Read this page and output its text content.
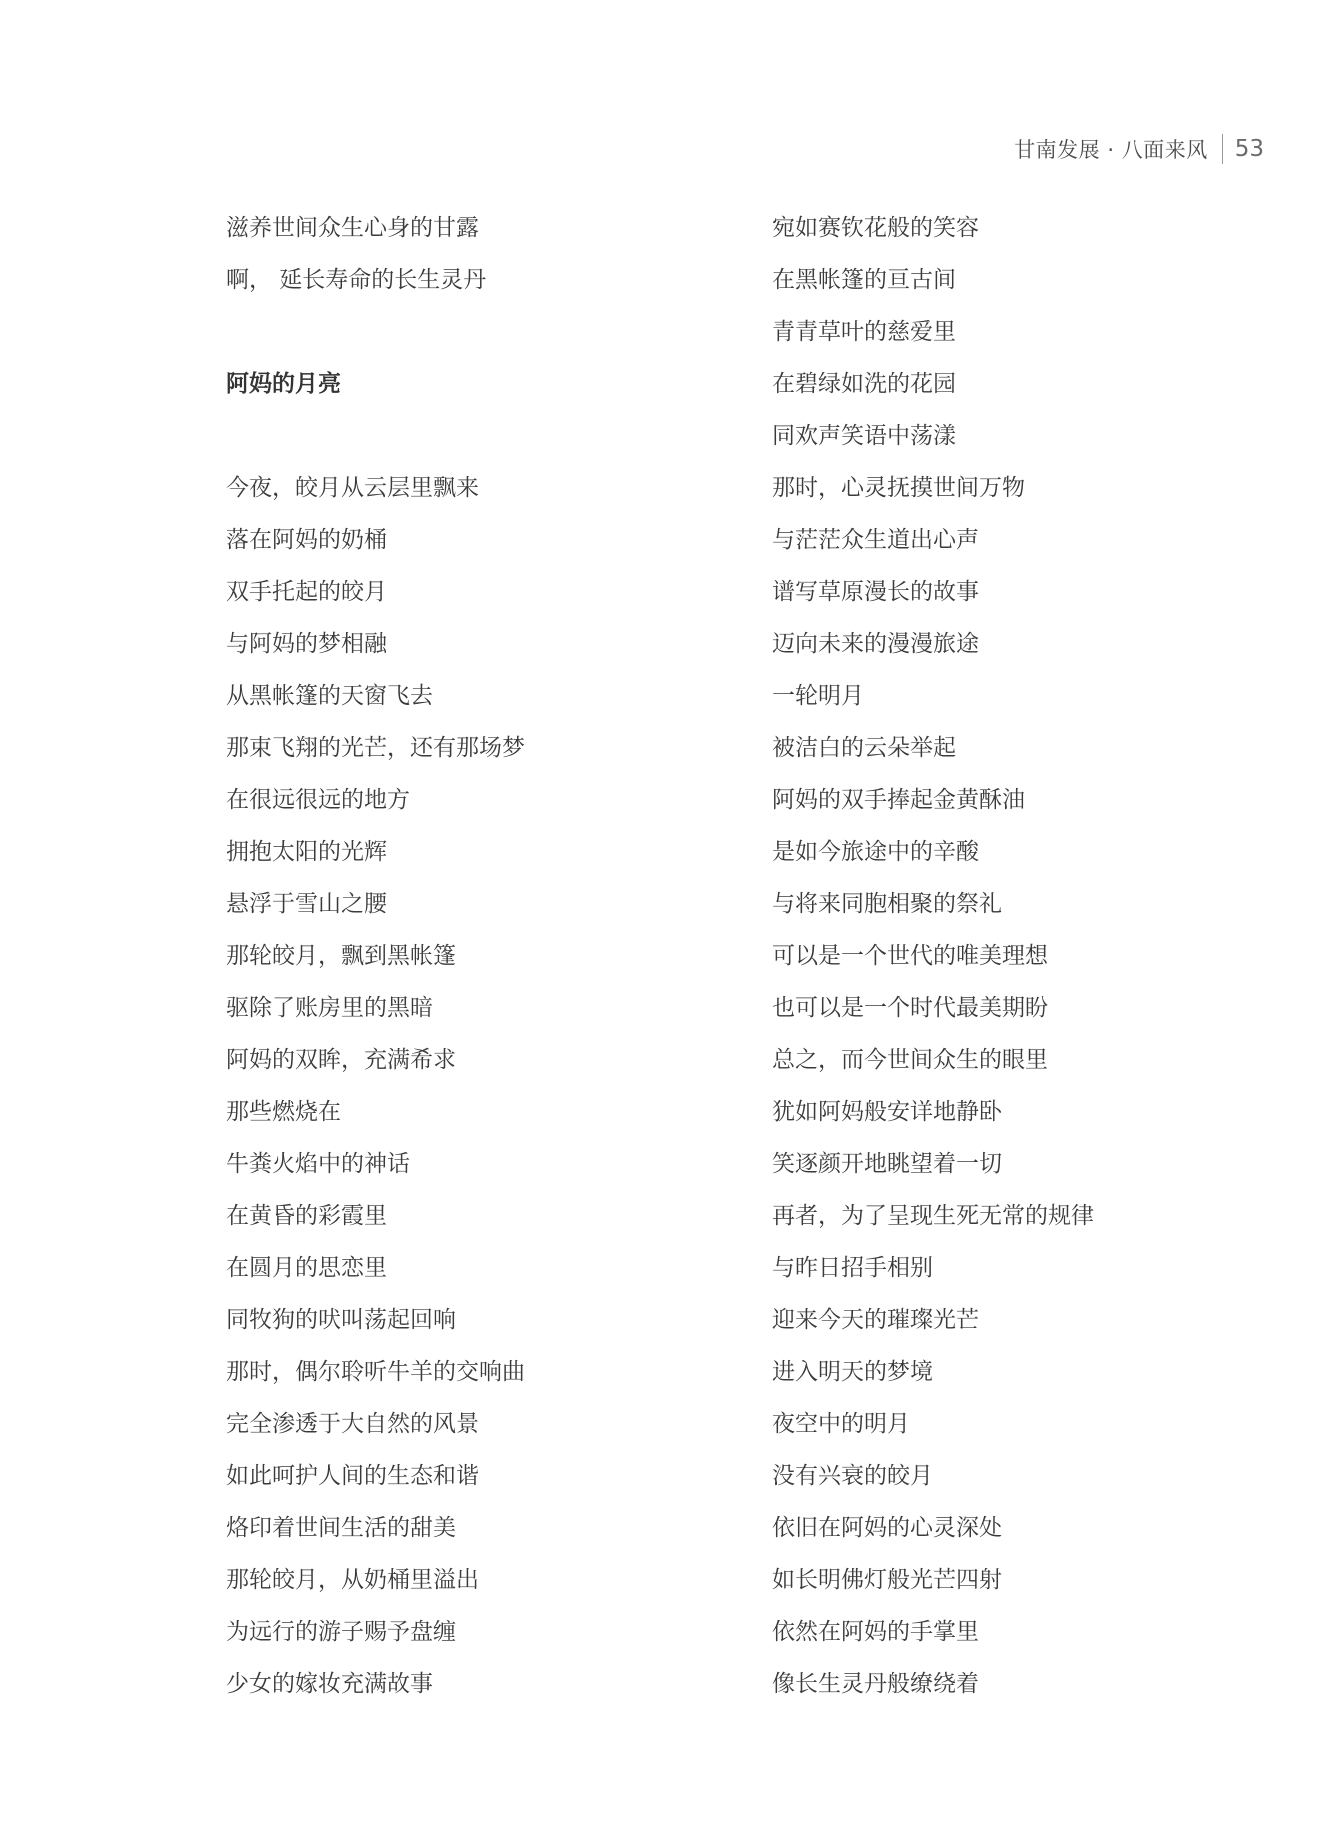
甘南发展 · 八面来风 53
滋养世间众生心身的甘露
啊， 延长寿命的长生灵丹
阿妈的月亮
今夜，皎月从云层里飘来
落在阿妈的奶桶
双手托起的皎月
与阿妈的梦相融
从黑帐篷的天窗飞去
那束飞翔的光芒，还有那场梦
在很远很远的地方
拥抱太阳的光辉
悬浮于雪山之腰
那轮皎月，飘到黑帐篷
驱除了账房里的黑暗
阿妈的双眸，充满希求
那些燃烧在
牛粪火焰中的神话
在黄昏的彩霞里
在圆月的思恋里
同牧狗的吠叫荡起回响
那时，偶尔聆听牛羊的交响曲
完全渗透于大自然的风景
如此呵护人间的生态和谐
烙印着世间生活的甜美
那轮皎月，从奶桶里溢出
为远行的游子赐予盘缠
少女的嫁妆充满故事
宛如赛钦花般的笑容
在黑帐篷的亘古间
青青草叶的慈爱里
在碧绿如洗的花园
同欢声笑语中荡漾
那时，心灵抚摸世间万物
与茫茫众生道出心声
谱写草原漫长的故事
迈向未来的漫漫旅途
一轮明月
被洁白的云朵举起
阿妈的双手捧起金黄酥油
是如今旅途中的辛酸
与将来同胞相聚的祭礼
可以是一个世代的唯美理想
也可以是一个时代最美期盼
总之，而今世间众生的眼里
犹如阿妈般安详地静卧
笑逐颜开地眺望着一切
再者，为了呈现生死无常的规律
与昨日招手相别
迎来今天的璀璨光芒
进入明天的梦境
夜空中的明月
没有兴衰的皎月
依旧在阿妈的心灵深处
如长明佛灯般光芒四射
依然在阿妈的手掌里
像长生灵丹般缭绕着
